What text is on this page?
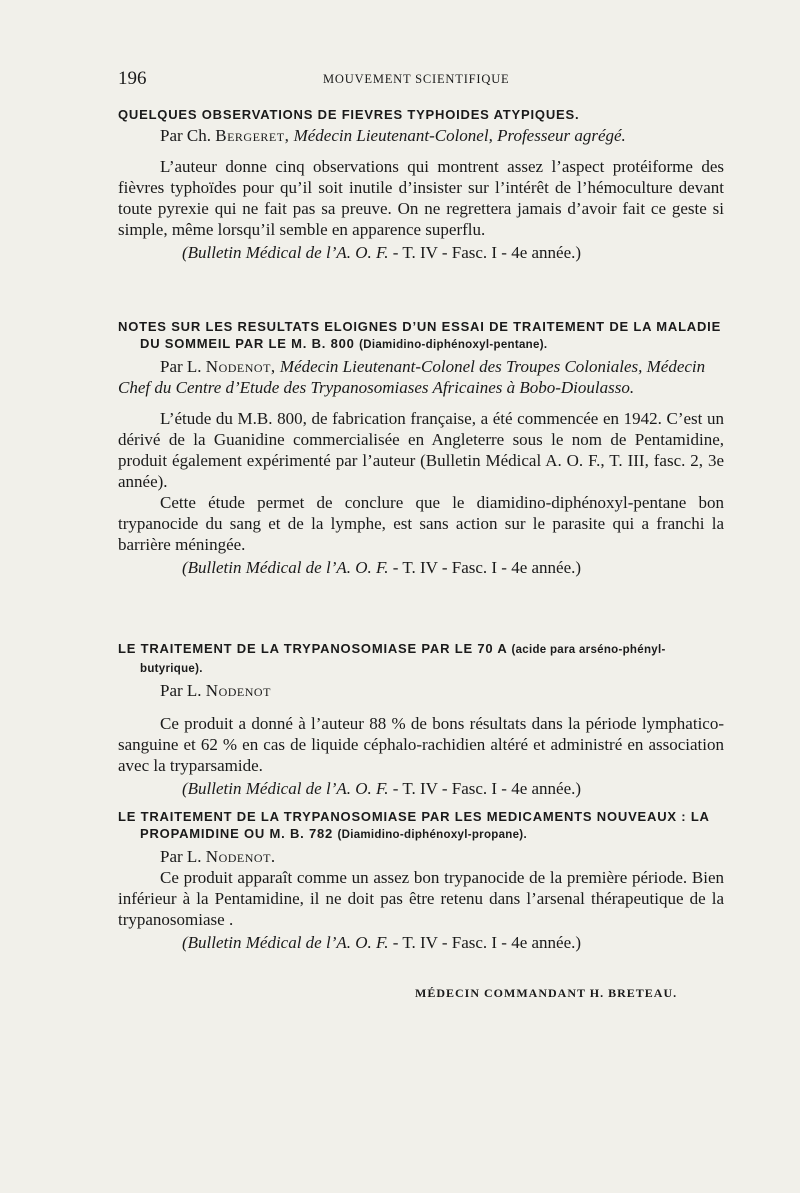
196	MOUVEMENT SCIENTIFIQUE
QUELQUES OBSERVATIONS DE FIEVRES TYPHOIDES ATYPIQUES.
Par Ch. Bergeret, Médecin Lieutenant-Colonel, Professeur agrégé.

L’auteur donne cinq observations qui montrent assez l’aspect protéiforme des fièvres typhoïdes pour qu’il soit inutile d’insister sur l’intérêt de l’hémoculture devant toute pyrexie qui ne fait pas sa preuve. On ne regrettera jamais d’avoir fait ce geste si simple, même lorsqu’il semble en apparence superflu.

(Bulletin Médical de l’A. O. F. - T. IV - Fasc. I - 4e année.)
NOTES SUR LES RESULTATS ELOIGNES D’UN ESSAI DE TRAITEMENT DE LA MALADIE DU SOMMEIL PAR LE M. B. 800 (Diamidino-diphénoxyl-pentane).
Par L. Nodenot, Médecin Lieutenant-Colonel des Troupes Coloniales, Médecin Chef du Centre d’Etude des Trypanosomiases Africaines à Bobo-Dioulasso.

L’étude du M.B. 800, de fabrication française, a été commencée en 1942. C’est un dérivé de la Guanidine commercialisée en Angleterre sous le nom de Pentamidine, produit également expérimenté par l’auteur (Bulletin Médical A. O. F., T. III, fasc. 2, 3e année).

Cette étude permet de conclure que le diamidino-diphénoxyl-pentane bon trypanocide du sang et de la lymphe, est sans action sur le parasite qui a franchi la barrière méningée.

(Bulletin Médical de l’A. O. F. - T. IV - Fasc. I - 4e année.)
LE TRAITEMENT DE LA TRYPANOSOMIASE PAR LE 70 A (acide para arséno-phényl-butyrique).
Par L. Nodenot

Ce produit a donné à l’auteur 88 % de bons résultats dans la période lymphatico-sanguine et 62 % en cas de liquide céphalo-rachidien altéré et administré en association avec la tryparsamide.

(Bulletin Médical de l’A. O. F. - T. IV - Fasc. I - 4e année.)
LE TRAITEMENT DE LA TRYPANOSOMIASE PAR LES MEDICAMENTS NOUVEAUX : LA PROPAMIDINE OU M. B. 782 (Diamidino-diphénoxyl-propane).
Par L. Nodenot.

Ce produit apparaît comme un assez bon trypanocide de la première période. Bien inférieur à la Pentamidine, il ne doit pas être retenu dans l’arsenal thérapeutique de la trypanosomiase .

(Bulletin Médical de l’A. O. F. - T. IV - Fasc. I - 4e année.)
MÉDECIN COMMANDANT H. BRETEAU.
